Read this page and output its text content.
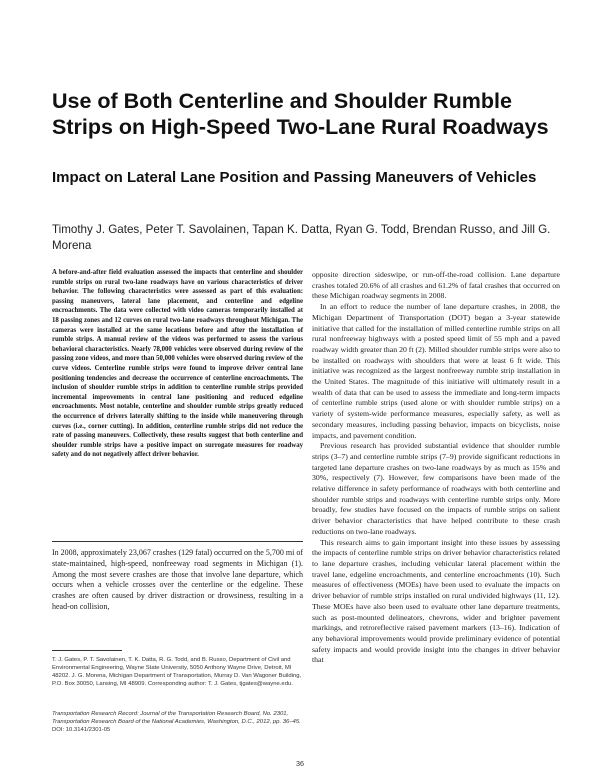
Use of Both Centerline and Shoulder Rumble Strips on High-Speed Two-Lane Rural Roadways
Impact on Lateral Lane Position and Passing Maneuvers of Vehicles

Timothy J. Gates, Peter T. Savolainen, Tapan K. Datta, Ryan G. Todd, Brendan Russo, and Jill G. Morena

A before-and-after field evaluation assessed the impacts that centerline and shoulder rumble strips on rural two-lane roadways have on various characteristics of driver behavior. The following characteristics were assessed as part of this evaluation: passing maneuvers, lateral lane placement, and centerline and edgeline encroachments. The data were collected with video cameras temporarily installed at 18 passing zones and 12 curves on rural two-lane roadways throughout Michigan. The cameras were installed at the same locations before and after the installation of rumble strips. A manual review of the videos was performed to assess the various behavioral characteristics. Nearly 78,000 vehicles were observed during review of the passing zone videos, and more than 50,000 vehicles were observed during review of the curve videos. Centerline rumble strips were found to improve driver central lane positioning tendencies and decrease the occurrence of centerline encroachments. The inclusion of shoulder rumble strips in addition to centerline rumble strips provided incremental improvements in central lane positioning and reduced edgeline encroachments. Most notable, centerline and shoulder rumble strips greatly reduced the occurrence of drivers laterally shifting to the inside while maneuvering through curves (i.e., corner cutting). In addition, centerline rumble strips did not reduce the rate of passing maneuvers. Collectively, these results suggest that both centerline and shoulder rumble strips have a positive impact on surrogate measures for roadway safety and do not negatively affect driver behavior.

In 2008, approximately 23,067 crashes (129 fatal) occurred on the 5,700 mi of state-maintained, high-speed, nonfreeway road segments in Michigan (1). Among the most severe crashes are those that involve lane departure, which occurs when a vehicle crosses over the centerline or the edgeline. These crashes are often caused by driver distraction or drowsiness, resulting in a head-on collision,

T. J. Gates, P. T. Savolainen, T. K. Datta, R. G. Todd, and B. Russo, Department of Civil and Environmental Engineering, Wayne State University, 5050 Anthony Wayne Drive, Detroit, MI 48202. J. G. Morena, Michigan Department of Transportation, Murray D. Van Wagoner Building, P.O. Box 30050, Lansing, MI 48909. Corresponding author: T. J. Gates, tjgates@wayne.edu.

Transportation Research Record: Journal of the Transportation Research Board, No. 2301, Transportation Research Board of the National Academies, Washington, D.C., 2012, pp. 36–45.
DOI: 10.3141/2301-05

opposite direction sideswipe, or run-off-the-road collision. Lane departure crashes totaled 20.6% of all crashes and 61.2% of fatal crashes that occurred on these Michigan roadway segments in 2008.

In an effort to reduce the number of lane departure crashes, in 2008, the Michigan Department of Transportation (DOT) began a 3-year statewide initiative that called for the installation of milled centerline rumble strips on all rural nonfreeway highways with a posted speed limit of 55 mph and a paved roadway width greater than 20 ft (2). Milled shoulder rumble strips were also to be installed on roadways with shoulders that were at least 6 ft wide. This initiative was recognized as the largest nonfreeway rumble strip installation in the United States. The magnitude of this initiative will ultimately result in a wealth of data that can be used to assess the immediate and long-term impacts of centerline rumble strips (used alone or with shoulder rumble strips) on a variety of system-wide performance measures, especially safety, as well as secondary measures, including passing behavior, impacts on bicyclists, noise impacts, and pavement condition.

Previous research has provided substantial evidence that shoulder rumble strips (3–7) and centerline rumble strips (7–9) provide significant reductions in targeted lane departure crashes on two-lane roadways by as much as 15% and 30%, respectively (7). However, few comparisons have been made of the relative difference in safety performance of roadways with both centerline and shoulder rumble strips and roadways with centerline rumble strips only. More broadly, few studies have focused on the impacts of rumble strips on salient driver behavior characteristics that have helped contribute to these crash reductions on two-lane roadways.

This research aims to gain important insight into these issues by assessing the impacts of centerline rumble strips on driver behavior characteristics related to lane departure crashes, including vehicular lateral placement within the travel lane, edgeline encroachments, and centerline encroachments (10). Such measures of effectiveness (MOEs) have been used to evaluate the impacts on driver behavior of rumble strips installed on rural undivided highways (11, 12). These MOEs have also been used to evaluate other lane departure treatments, such as post-mounted delineators, chevrons, wider and brighter pavement markings, and retroreflective raised pavement markers (13–16). Indication of any behavioral improvements would provide preliminary evidence of potential safety impacts and would provide insight into the changes in driver behavior that

36
